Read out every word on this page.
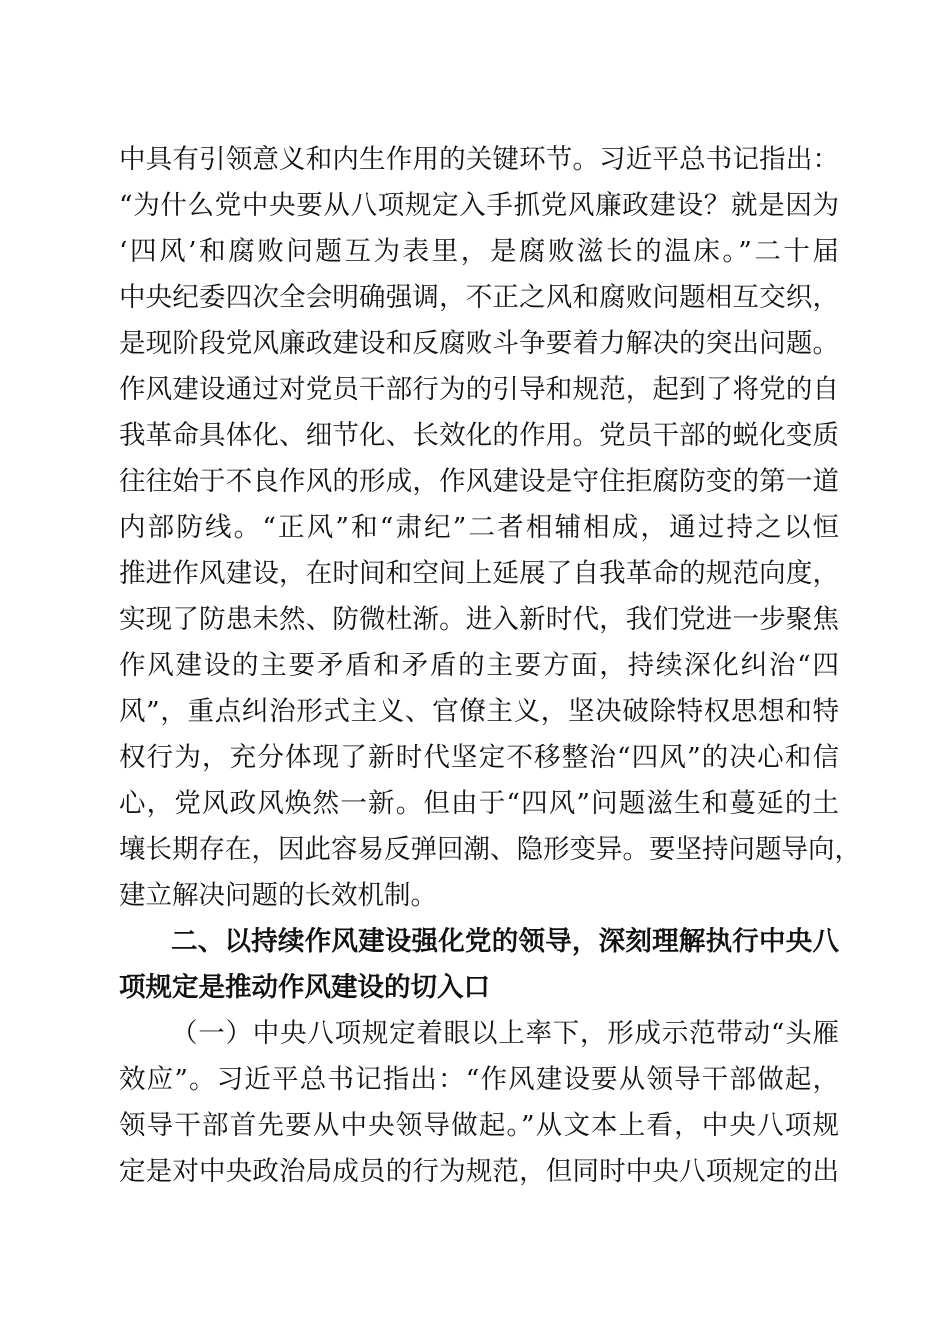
中具有引领意义和内生作用的关键环节。习近平总书记指出：
“为什么党中央要从八项规定入手抓党风廉政建设？就是因为
‘四风’和腐败问题互为表里，是腐败滋长的温床。”二十届
中央纪委四次全会明确强调，不正之风和腐败问题相互交织，
是现阶段党风廉政建设和反腐败斗争要着力解决的突出问题。
作风建设通过对党员干部行为的引导和规范，起到了将党的自
我革命具体化、细节化、长效化的作用。党员干部的蜕化变质
往往始于不良作风的形成，作风建设是守住拒腐防变的第一道
内部防线。“正风”和“肃纪”二者相辅相成，通过持之以恒
推进作风建设，在时间和空间上延展了自我革命的规范向度，
实现了防患未然、防微杜渐。进入新时代，我们党进一步聚焦
作风建设的主要矛盾和矛盾的主要方面，持续深化纠治“四
风”，重点纠治形式主义、官僚主义，坚决破除特权思想和特
权行为，充分体现了新时代坚定不移整治“四风”的决心和信
心，党风政风焕然一新。但由于“四风”问题滋生和蔓延的土
壤长期存在，因此容易反弹回潮、隐形变异。要坚持问题导向，
建立解决问题的长效机制。
二、以持续作风建设强化党的领导，深刻理解执行中央八
项规定是推动作风建设的切入口
（一）中央八项规定着眼以上率下，形成示范带动“头雁
效应”。习近平总书记指出：“作风建设要从领导干部做起，
领导干部首先要从中央领导做起。”从文本上看，中央八项规
定是对中央政治局成员的行为规范，但同时中央八项规定的出
